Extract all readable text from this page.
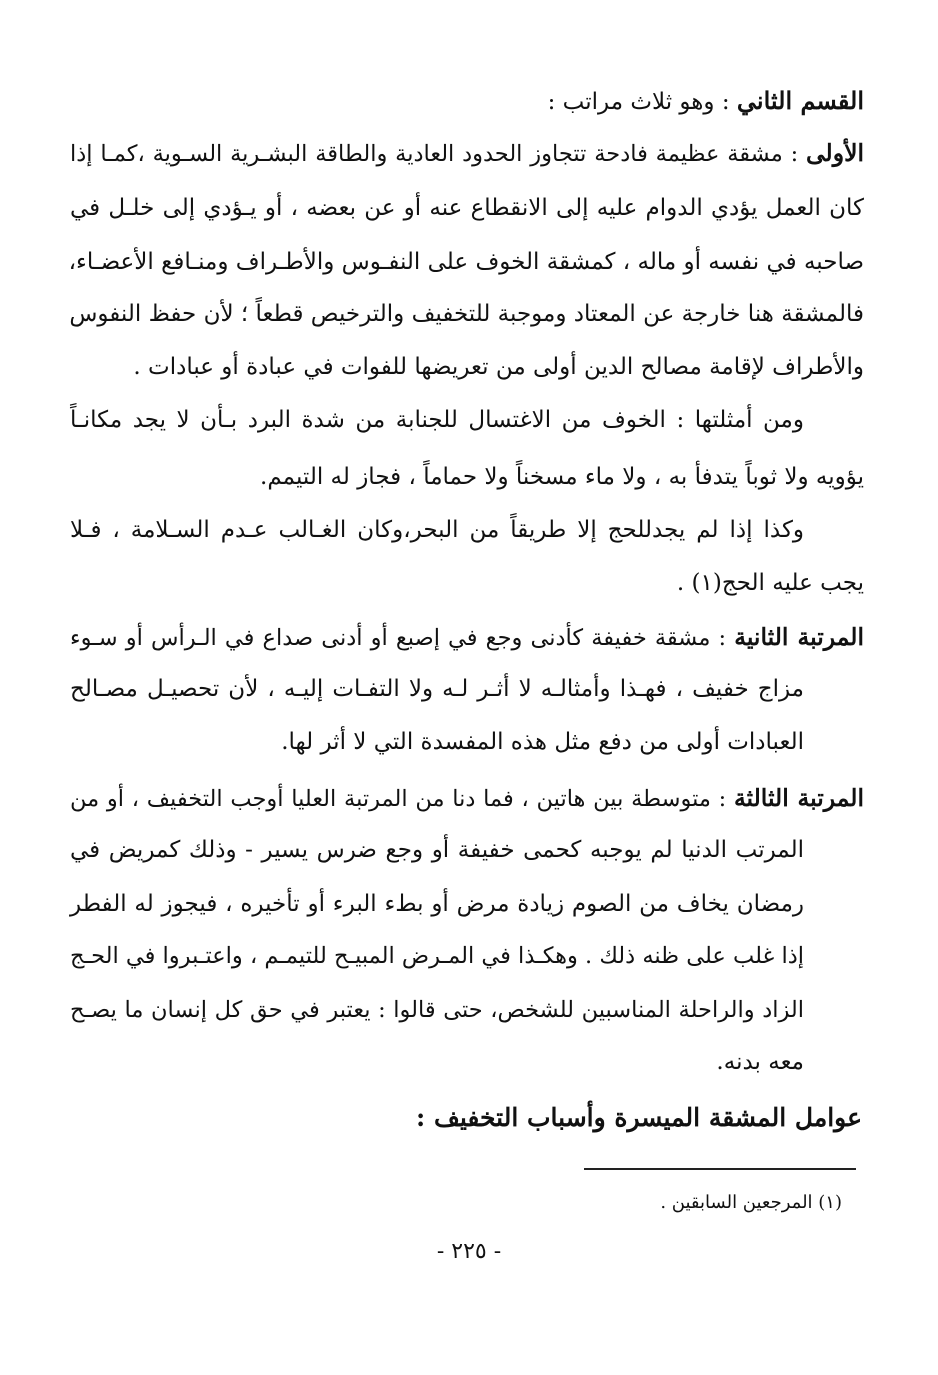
القسم الثاني : وهو ثلاث مراتب :
الأولى : مشقة عظيمة فادحة تتجاوز الحدود العادية والطاقة البشـرية السـوية ،كمـا إذا
كان العمل يؤدي الدوام عليه إلى الانقطاع عنه أو عن بعضه ، أو يـؤدي إلى خلـل في
صاحبه في نفسه أو ماله ، كمشقة الخوف على النفـوس والأطـراف ومنـافع الأعضـاء،
فالمشقة هنا خارجة عن المعتاد وموجبة للتخفيف والترخيص قطعاً ؛ لأن حفظ النفوس
والأطراف لإقامة مصالح الدين أولى من تعريضها للفوات في عبادة أو عبادات .
ومن أمثلتها : الخوف من الاغتسال للجنابة من شدة البرد بـأن لا يجد مكانـاً
يؤويه ولا ثوباً يتدفأ به ، ولا ماء مسخناً ولا حماماً ، فجاز له التيمم.
وكذا إذا لم يجدللحج إلا طريقاً من البحر،وكان الغـالب عـدم السـلامة ، فـلا
يجب عليه الحج(١) .
المرتبة الثانية : مشقة خفيفة كأدنى وجع في إصبع أو أدنى صداع في الـرأس أو سـوء
مزاج خفيف ، فهـذا وأمثالـه لا أثـر لـه ولا التفـات إليـه ، لأن تحصيـل مصـالح
العبادات أولى من دفع مثل هذه المفسدة التي لا أثر لها.
المرتبة الثالثة : متوسطة بين هاتين ، فما دنا من المرتبة العليا أوجب التخفيف ، أو من
المرتب الدنيا لم يوجبه كحمى خفيفة أو وجع ضرس يسير - وذلك كمريض في
رمضان يخاف من الصوم زيادة مرض أو بطء البرء أو تأخيره ، فيجوز له الفطر
إذا غلب على ظنه ذلك . وهكـذا في المـرض المبيـح للتيمـم ، واعتـبروا في الحـج
الزاد والراحلة المناسبين للشخص، حتى قالوا : يعتبر في حق كل إنسان ما يصـح
معه بدنه.
عوامل المشقة الميسرة وأسباب التخفيف :
(١) المرجعين السابقين .
- ٢٢٥ -
